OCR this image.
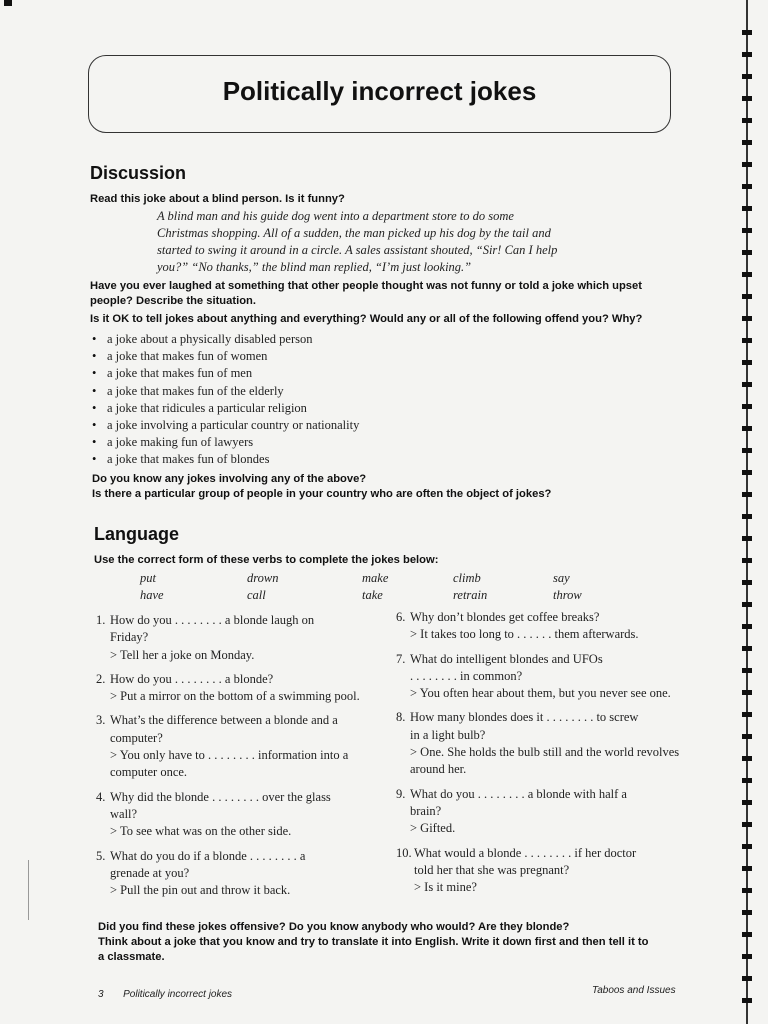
Politically incorrect jokes
Discussion
Read this joke about a blind person. Is it funny?
A blind man and his guide dog went into a department store to do some
Christmas shopping. All of a sudden, the man picked up his dog by the tail and
started to swing it around in a circle. A sales assistant shouted, “Sir! Can I help
you?” “No thanks,” the blind man replied, “I’m just looking.”
Have you ever laughed at something that other people thought was not funny or told a joke which upset
people? Describe the situation.
Is it OK to tell jokes about anything and everything? Would any or all of the following offend you? Why?
• a joke about a physically disabled person
• a joke that makes fun of women
• a joke that makes fun of men
• a joke that makes fun of the elderly
• a joke that ridicules a particular religion
• a joke involving a particular country or nationality
• a joke making fun of lawyers
• a joke that makes fun of blondes
Do you know any jokes involving any of the above?
Is there a particular group of people in your country who are often the object of jokes?
Language
Use the correct form of these verbs to complete the jokes below:
put	drown	make	climb	say
have	call	take	retrain	throw
1. How do you . . . . . . . . a blonde laugh on
Friday?
> Tell her a joke on Monday.
2. How do you . . . . . . . . a blonde?
> Put a mirror on the bottom of a swimming pool.
3. What’s the difference between a blonde and a
computer?
> You only have to . . . . . . . . information into a computer once.
4. Why did the blonde . . . . . . . . over the glass
wall?
> To see what was on the other side.
5. What do you do if a blonde . . . . . . . . a
grenade at you?
> Pull the pin out and throw it back.
6. Why don’t blondes get coffee breaks?
> It takes too long to . . . . . . them afterwards.
7. What do intelligent blondes and UFOs
. . . . . . . . in common?
> You often hear about them, but you never see one.
8. How many blondes does it . . . . . . . . to screw
in a light bulb?
> One. She holds the bulb still and the world revolves around her.
9. What do you . . . . . . . . a blonde with half a
brain?
> Gifted.
10. What would a blonde . . . . . . . . if her doctor
told her that she was pregnant?
> Is it mine?
Did you find these jokes offensive? Do you know anybody who would? Are they blonde?
Think about a joke that you know and try to translate it into English. Write it down first and then tell it to
a classmate.
3 Politically incorrect jokes	Taboos and Issues
